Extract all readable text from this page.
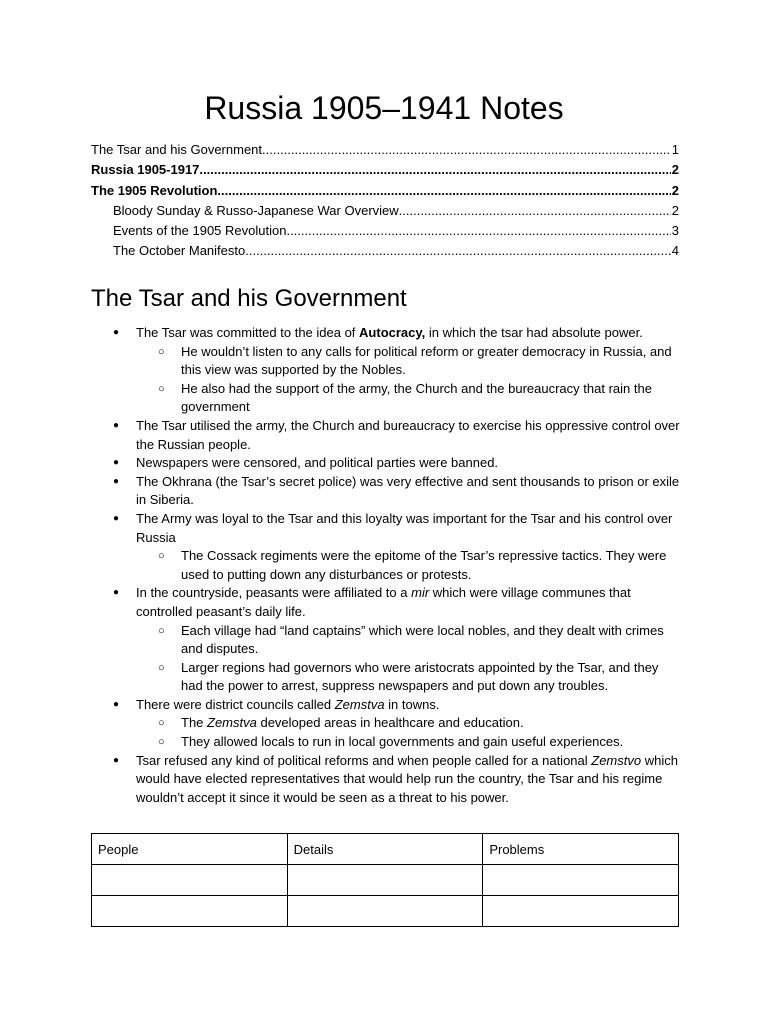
Russia 1905–1941 Notes
The Tsar and his Government .....	1
Russia 1905-1917 .....	2
The 1905 Revolution .....	2
Bloody Sunday & Russo-Japanese War Overview .....	2
Events of the 1905 Revolution .....	3
The October Manifesto .....	4
The Tsar and his Government
● The Tsar was committed to the idea of Autocracy, in which the tsar had absolute power.
○ He wouldn’t listen to any calls for political reform or greater democracy in Russia, and this view was supported by the Nobles.
○ He also had the support of the army, the Church and the bureaucracy that rain the government
● The Tsar utilised the army, the Church and bureaucracy to exercise his oppressive control over the Russian people.
● Newspapers were censored, and political parties were banned.
● The Okhrana (the Tsar’s secret police) was very effective and sent thousands to prison or exile in Siberia.
● The Army was loyal to the Tsar and this loyalty was important for the Tsar and his control over Russia
○ The Cossack regiments were the epitome of the Tsar’s repressive tactics. They were used to putting down any disturbances or protests.
● In the countryside, peasants were affiliated to a mir which were village communes that controlled peasant’s daily life.
○ Each village had “land captains” which were local nobles, and they dealt with crimes and disputes.
○ Larger regions had governors who were aristocrats appointed by the Tsar, and they had the power to arrest, suppress newspapers and put down any troubles.
● There were district councils called Zemstva in towns.
○ The Zemstva developed areas in healthcare and education.
○ They allowed locals to run in local governments and gain useful experiences.
● Tsar refused any kind of political reforms and when people called for a national Zemstvo which would have elected representatives that would help run the country, the Tsar and his regime wouldn’t accept it since it would be seen as a threat to his power.
People	Details	Problems
